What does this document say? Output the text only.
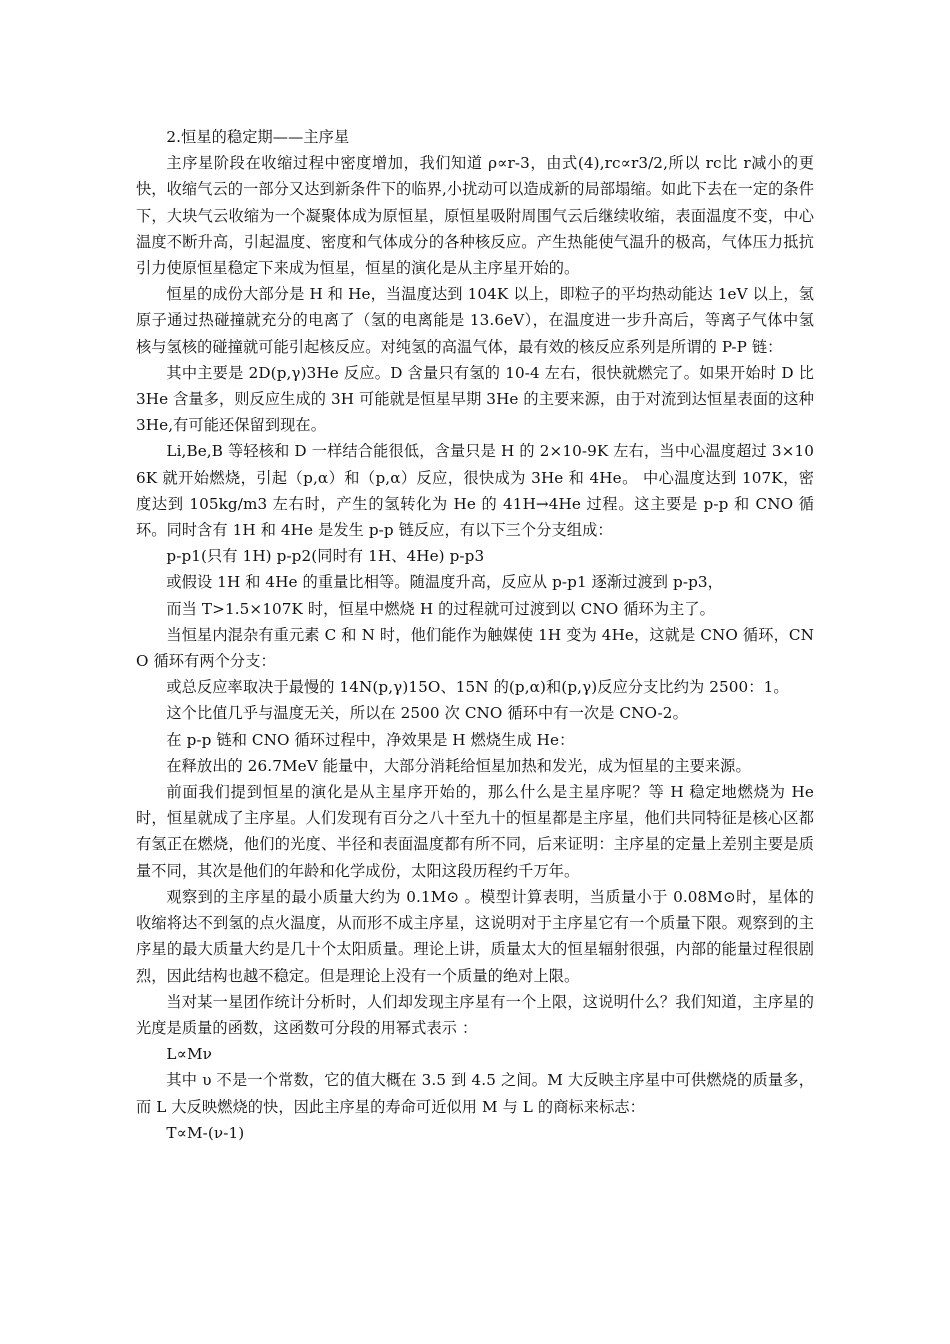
2.恒星的稳定期——主序星

主序星阶段在收缩过程中密度增加，我们知道 ρ∝r-3，由式(4),rc∝r3/2,所以 rc比 r减小的更快，收缩气云的一部分又达到新条件下的临界,小扰动可以造成新的局部塌缩。如此下去在一定的条件下，大块气云收缩为一个凝聚体成为原恒星，原恒星吸附周围气云后继续收缩，表面温度不变，中心温度不断升高，引起温度、密度和气体成分的各种核反应。产生热能使气温升的极高，气体压力抵抗引力使原恒星稳定下来成为恒星，恒星的演化是从主序星开始的。

恒星的成份大部分是 H 和 He，当温度达到 104K 以上，即粒子的平均热动能达 1eV 以上，氢原子通过热碰撞就充分的电离了（氢的电离能是 13.6eV），在温度进一步升高后，等离子气体中氢核与氢核的碰撞就可能引起核反应。对纯氢的高温气体，最有效的核反应系列是所谓的 P-P 链：

其中主要是 2D(p,γ)3He 反应。D 含量只有氢的 10-4 左右，很快就燃完了。如果开始时 D 比 3He 含量多，则反应生成的 3H 可能就是恒星早期 3He 的主要来源，由于对流到达恒星表面的这种 3He,有可能还保留到现在。

Li,Be,B 等轻核和 D 一样结合能很低，含量只是 H 的 2×10-9K 左右，当中心温度超过 3×106K 就开始燃烧，引起（p,α）和（p,α）反应，很快成为 3He 和 4He。 中心温度达到 107K，密度达到 105kg/m3 左右时，产生的氢转化为 He 的 41H→4He 过程。这主要是 p-p 和 CNO 循环。同时含有 1H 和 4He 是发生 p-p 链反应，有以下三个分支组成：

p-p1(只有 1H) p-p2(同时有 1H、4He) p-p3

或假设 1H 和 4He 的重量比相等。随温度升高，反应从 p-p1 逐渐过渡到 p-p3，

而当 T>1.5×107K 时，恒星中燃烧 H 的过程就可过渡到以 CNO 循环为主了。

当恒星内混杂有重元素 C 和 N 时，他们能作为触媒使 1H 变为 4He，这就是 CNO 循环，CNO 循环有两个分支：

或总反应率取决于最慢的 14N(p,γ)15O、15N 的(p,α)和(p,γ)反应分支比约为 2500：1。

这个比值几乎与温度无关，所以在 2500 次 CNO 循环中有一次是 CNO-2。

在 p-p 链和 CNO 循环过程中，净效果是 H 燃烧生成 He：

在释放出的 26.7MeV 能量中，大部分消耗给恒星加热和发光，成为恒星的主要来源。

前面我们提到恒星的演化是从主星序开始的，那么什么是主星序呢？等 H 稳定地燃烧为 He 时，恒星就成了主序星。人们发现有百分之八十至九十的恒星都是主序星，他们共同特征是核心区都有氢正在燃烧，他们的光度、半径和表面温度都有所不同，后来证明：主序星的定量上差别主要是质量不同，其次是他们的年龄和化学成份，太阳这段历程约千万年。

观察到的主序星的最小质量大约为 0.1M⊙ 。模型计算表明，当质量小于 0.08M⊙时，星体的收缩将达不到氢的点火温度，从而形不成主序星，这说明对于主序星它有一个质量下限。观察到的主序星的最大质量大约是几十个太阳质量。理论上讲，质量太大的恒星辐射很强，内部的能量过程很剧烈，因此结构也越不稳定。但是理论上没有一个质量的绝对上限。

当对某一星团作统计分析时，人们却发现主序星有一个上限，这说明什么？我们知道，主序星的光度是质量的函数，这函数可分段的用幂式表示 ：

L∝Mν

其中 υ 不是一个常数，它的值大概在 3.5 到 4.5 之间。M 大反映主序星中可供燃烧的质量多，而 L 大反映燃烧的快，因此主序星的寿命可近似用 M 与 L 的商标来标志：

T∝M-(ν-1)
